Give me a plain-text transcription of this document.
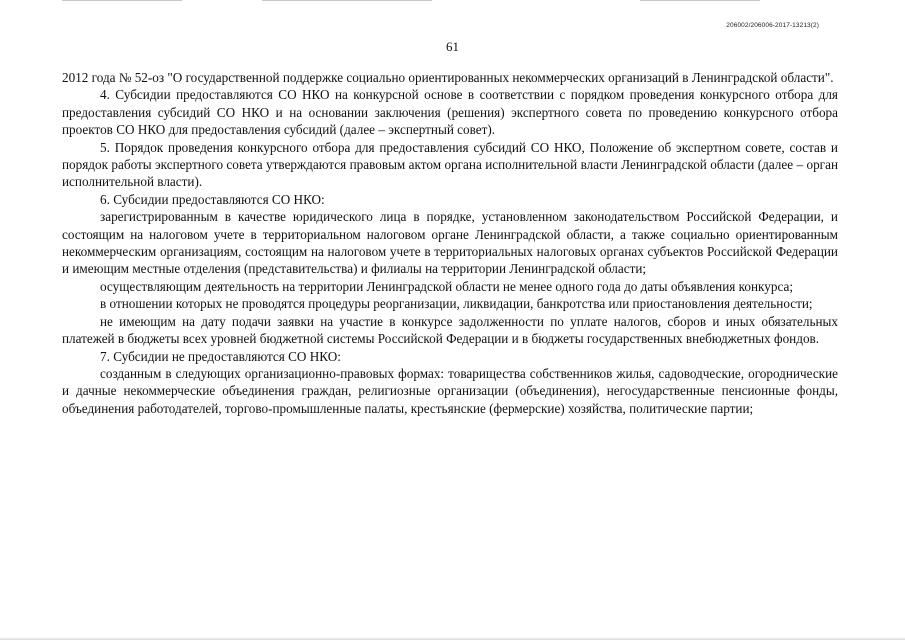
206002/206006-2017-13213(2)
61

2012 года № 52-оз "О государственной поддержке социально ориентированных некоммерческих организаций в Ленинградской области".

4. Субсидии предоставляются СО НКО на конкурсной основе в соответствии с порядком проведения конкурсного отбора для предоставления субсидий СО НКО и на основании заключения (решения) экспертного совета по проведению конкурсного отбора проектов СО НКО для предоставления субсидий (далее – экспертный совет).

5. Порядок проведения конкурсного отбора для предоставления субсидий СО НКО, Положение об экспертном совете, состав и порядок работы экспертного совета утверждаются правовым актом органа исполнительной власти Ленинградской области (далее – орган исполнительной власти).

6. Субсидии предоставляются СО НКО:

зарегистрированным в качестве юридического лица в порядке, установленном законодательством Российской Федерации, и состоящим на налоговом учете в территориальном налоговом органе Ленинградской области, а также социально ориентированным некоммерческим организациям, состоящим на налоговом учете в территориальных налоговых органах субъектов Российской Федерации и имеющим местные отделения (представительства) и филиалы на территории Ленинградской области;

осуществляющим деятельность на территории Ленинградской области не менее одного года до даты объявления конкурса;

в отношении которых не проводятся процедуры реорганизации, ликвидации, банкротства или приостановления деятельности;

не имеющим на дату подачи заявки на участие в конкурсе задолженности по уплате налогов, сборов и иных обязательных платежей в бюджеты всех уровней бюджетной системы Российской Федерации и в бюджеты государственных внебюджетных фондов.

7. Субсидии не предоставляются СО НКО:

созданным в следующих организационно-правовых формах: товарищества собственников жилья, садоводческие, огороднические и дачные некоммерческие объединения граждан, религиозные организации (объединения), негосударственные пенсионные фонды, объединения работодателей, торгово-промышленные палаты, крестьянские (фермерские) хозяйства, политические партии;
